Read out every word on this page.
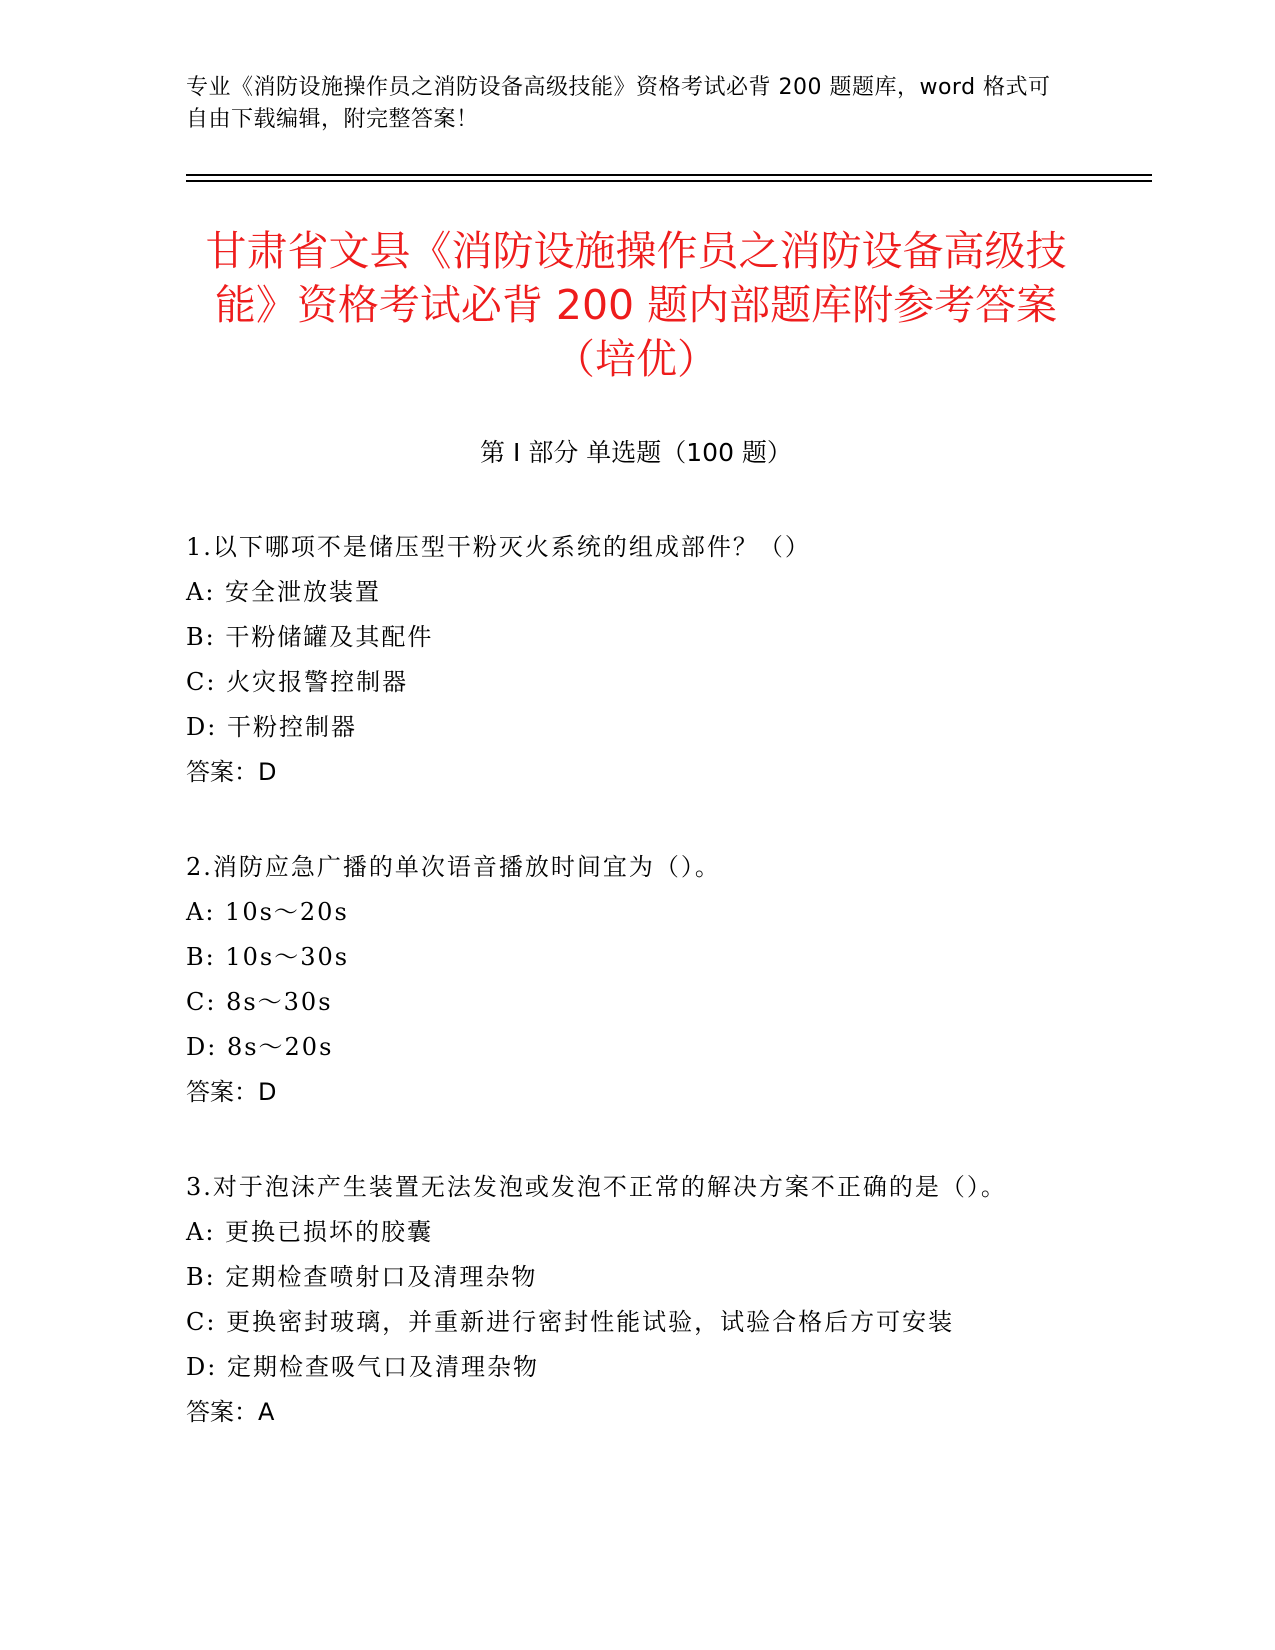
专业《消防设施操作员之消防设备高级技能》资格考试必背 200 题题库，word 格式可自由下载编辑，附完整答案！
甘肃省文县《消防设施操作员之消防设备高级技能》资格考试必背 200 题内部题库附参考答案（培优）
第 I 部分 单选题（100 题）

1.以下哪项不是储压型干粉灭火系统的组成部件？（）

A: 安全泄放装置

B: 干粉储罐及其配件

C: 火灾报警控制器

D: 干粉控制器

答案：D

2.消防应急广播的单次语音播放时间宜为（）。

A: 10s～20s

B: 10s～30s

C: 8s～30s

D: 8s～20s

答案：D

3.对于泡沫产生装置无法发泡或发泡不正常的解决方案不正确的是（）。

A: 更换已损坏的胶囊

B: 定期检查喷射口及清理杂物

C: 更换密封玻璃，并重新进行密封性能试验，试验合格后方可安装

D: 定期检查吸气口及清理杂物

答案：A
